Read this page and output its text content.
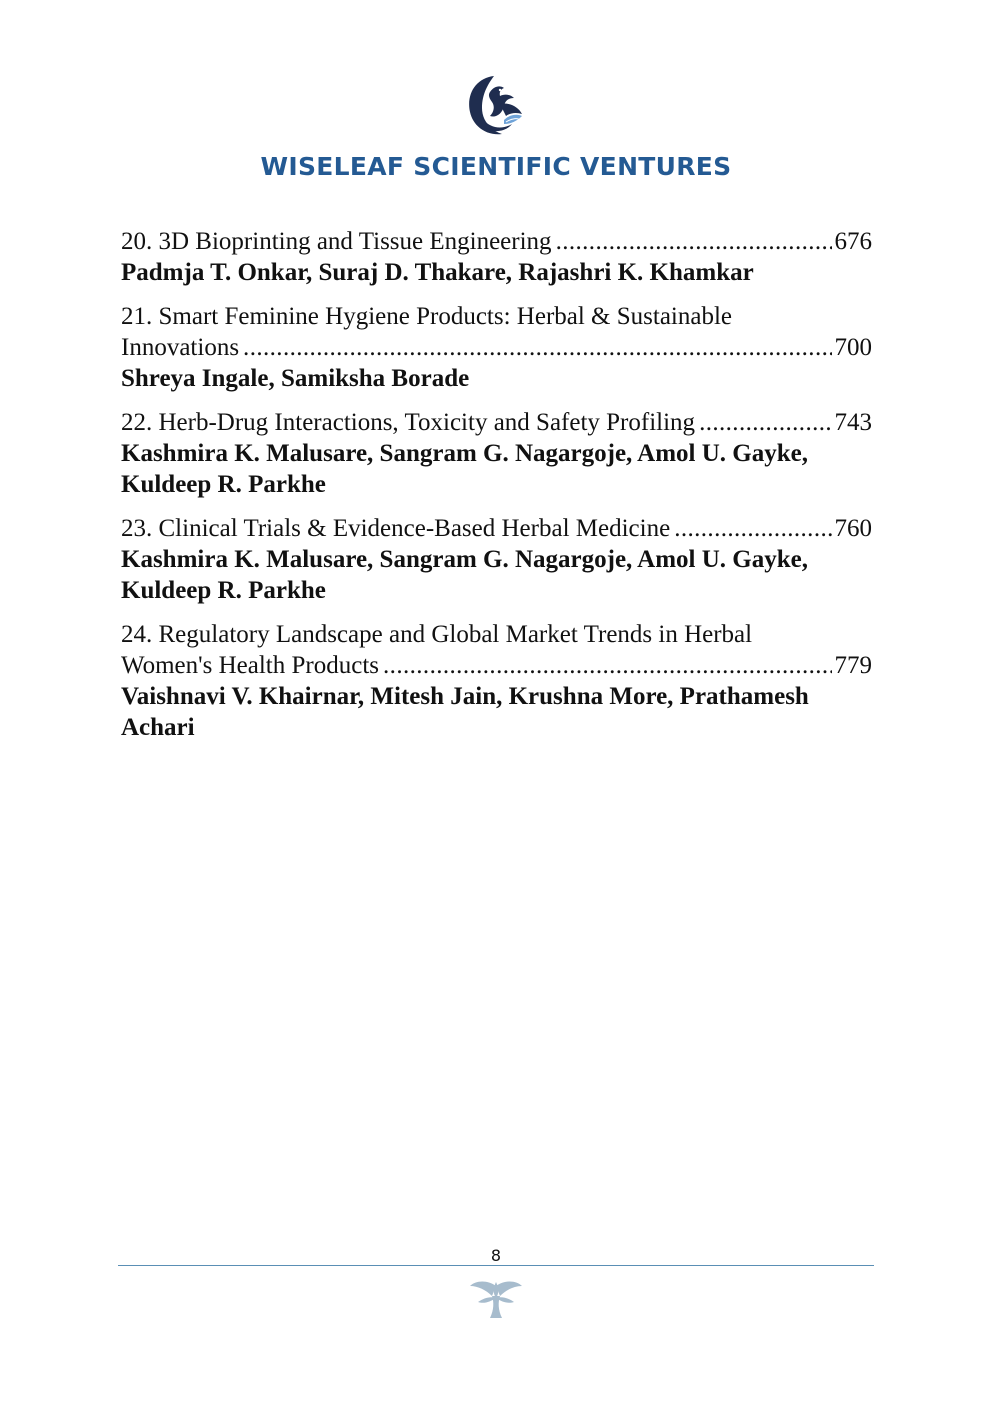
WISELEAF SCIENTIFIC VENTURES
20. 3D Bioprinting and Tissue Engineering .....	676
Padmja T. Onkar, Suraj D. Thakare, Rajashri K. Khamkar
21. Smart Feminine Hygiene Products: Herbal & Sustainable
Innovations .....	700
Shreya Ingale, Samiksha Borade
22. Herb-Drug Interactions, Toxicity and Safety Profiling .....	743
Kashmira K. Malusare, Sangram G. Nagargoje, Amol U. Gayke, Kuldeep R. Parkhe
23. Clinical Trials & Evidence-Based Herbal Medicine .....	760
Kashmira K. Malusare, Sangram G. Nagargoje, Amol U. Gayke, Kuldeep R. Parkhe
24. Regulatory Landscape and Global Market Trends in Herbal
Women's Health Products .....	779
Vaishnavi V. Khairnar, Mitesh Jain, Krushna More, Prathamesh Achari
8
